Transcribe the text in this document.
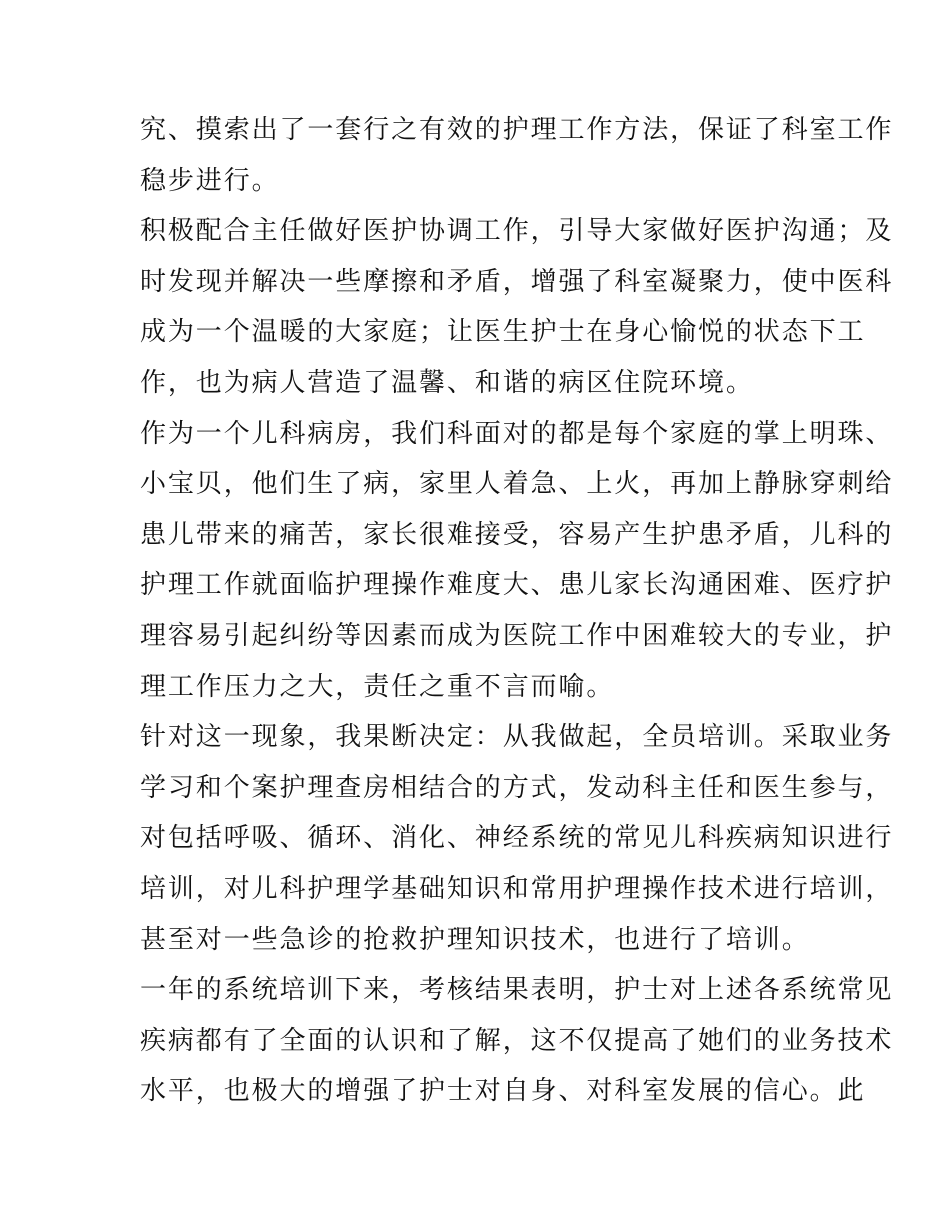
究、摸索出了一套行之有效的护理工作方法，保证了科室工作
稳步进行。
积极配合主任做好医护协调工作，引导大家做好医护沟通；及
时发现并解决一些摩擦和矛盾，增强了科室凝聚力，使中医科
成为一个温暖的大家庭；让医生护士在身心愉悦的状态下工
作，也为病人营造了温馨、和谐的病区住院环境。
作为一个儿科病房，我们科面对的都是每个家庭的掌上明珠、
小宝贝，他们生了病，家里人着急、上火，再加上静脉穿刺给
患儿带来的痛苦，家长很难接受，容易产生护患矛盾，儿科的
护理工作就面临护理操作难度大、患儿家长沟通困难、医疗护
理容易引起纠纷等因素而成为医院工作中困难较大的专业，护
理工作压力之大，责任之重不言而喻。
针对这一现象，我果断决定：从我做起，全员培训。采取业务
学习和个案护理查房相结合的方式，发动科主任和医生参与，
对包括呼吸、循环、消化、神经系统的常见儿科疾病知识进行
培训，对儿科护理学基础知识和常用护理操作技术进行培训，
甚至对一些急诊的抢救护理知识技术，也进行了培训。
一年的系统培训下来，考核结果表明，护士对上述各系统常见
疾病都有了全面的认识和了解，这不仅提高了她们的业务技术
水平，也极大的增强了护士对自身、对科室发展的信心。此
